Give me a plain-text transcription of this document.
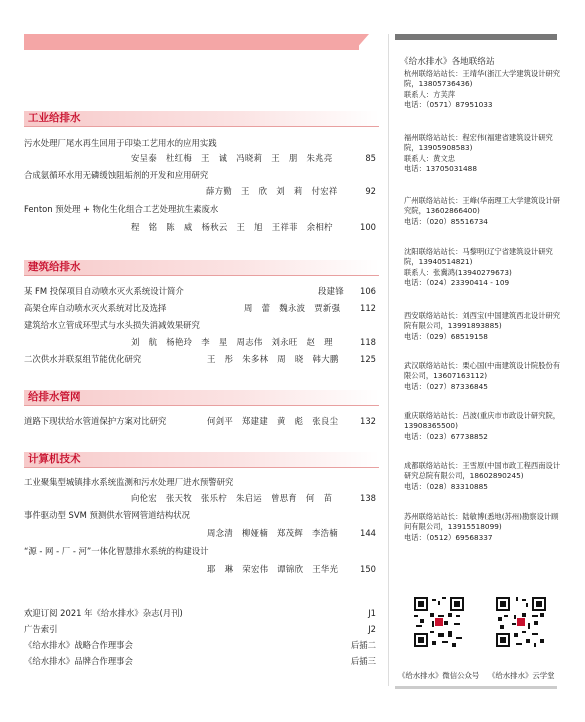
工业给排水
污水处理厂尾水再生回用于印染工艺用水的应用实践
安呈泰 杜红梅 王 诚 冯晓莉 王 朋 朱兆亮	85
合成氨循环水用无磷缓蚀阻垢剂的开发和应用研究
薛方勤 王 欣 刘 莉 付宏祥	92
Fenton 预处理 + 物化生化组合工艺处理抗生素废水
程 铭 陈 威 杨秋云 王 旭 王祥菲 余相柠	100
建筑给排水
某 FM 投保项目自动喷水灭火系统设计简介	段建锋	106
高架仓库自动喷水灭火系统对比及选择	周 蕾 魏永波 贾新强	112
建筑给水立管成环型式与水头损失消减效果研究
刘 航 杨艳玲 李 星 周志伟 刘永旺 赵 理	118
二次供水并联泵组节能优化研究	王 彤 朱多林 周 晓 韩大鹏	125
给排水管网
道路下现状给水管道保护方案对比研究	何剑平 郑建建 黄 彪 张良尘	132
计算机技术
工业聚集型城镇排水系统监测和污水处理厂进水预警研究
向伦宏 张天牧 张乐柠 朱启运 曾思育 何 苗	138
事件驱动型 SVM 预测供水管网管道结构状况
周念清 柳娅楠 郑茂辉 李浩楠	144
“源 - 网 - 厂 - 河”一体化智慧排水系统的构建设计
耶 琳 荣宏伟 谭锦欣 王华光	150
欢迎订阅 2021 年《给水排水》杂志(月刊)	J1
广告索引	J2
《给水排水》战略合作理事会	后插二
《给水排水》品牌合作理事会	后插三
《给水排水》各地联络站
杭州联络站站长：王靖华(浙江大学建筑设计研究院，13805736436)
联系人：方芙萍
电话：（0571）87951033
福州联络站站长：程宏伟(福建省建筑设计研究院，13905908583)
联系人：黄文忠
电话：13705031488
广州联络站站长：王峰(华南理工大学建筑设计研究院，13602866400)
电话：（020）85516734
沈阳联络站站长：马黎明(辽宁省建筑设计研究院，13940514821)
联系人：张冀鸿(13940279673)
电话：（024）23390414 - 109
西安联络站站长：刘西宝(中国建筑西北设计研究院有限公司，13991893885)
电话：（029）68519158
武汉联络站站长：栗心国(中南建筑设计院股份有限公司，13607163112)
电话：（027）87336845
重庆联络站站长：吕波(重庆市市政设计研究院，13908365500)
电话：（023）67738852
成都联络站站长：王雪原(中国市政工程西南设计研究总院有限公司，18602890245)
电话：（028）83310885
苏州联络站站长：陆敏博(悉地(苏州)勘察设计顾问有限公司，13915518099)
电话：（0512）69568337
《给水排水》微信公众号 《给水排水》云学堂
